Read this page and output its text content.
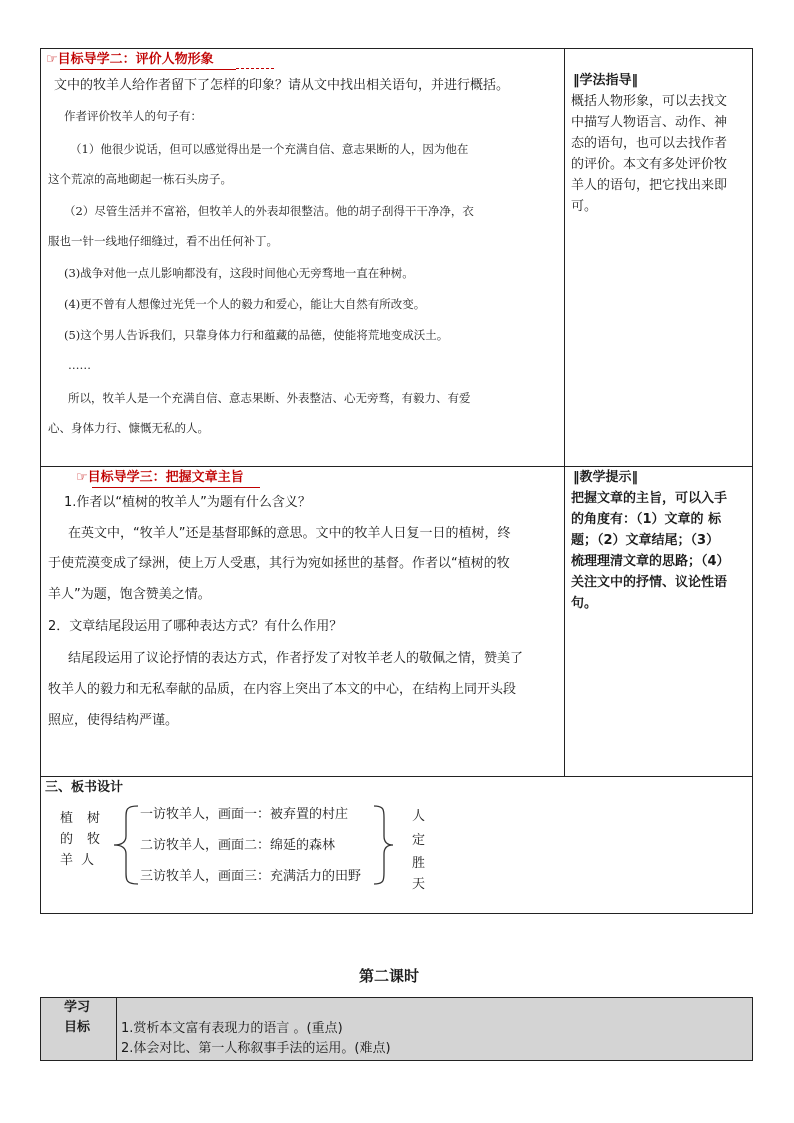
☞目标导学二：评价人物形象
文中的牧羊人给作者留下了怎样的印象？请从文中找出相关语句，并进行概括。
作者评价牧羊人的句子有：
（1）他很少说话，但可以感觉得出是一个充满自信、意志果断的人，因为他在
这个荒凉的高地砌起一栋石头房子。
（2）尽管生活并不富裕，但牧羊人的外表却很整洁。他的胡子刮得干干净净，衣
服也一针一线地仔细缝过，看不出任何补丁。
(3)战争对他一点儿影响都没有，这段时间他心无旁骛地一直在种树。
(4)更不曾有人想像过光凭一个人的毅力和爱心，能让大自然有所改变。
(5)这个男人告诉我们，只靠身体力行和蕴藏的品德，使能将荒地变成沃土。
……
所以，牧羊人是一个充满自信、意志果断、外表整洁、心无旁骛，有毅力、有爱
心、身体力行、慷慨无私的人。
‖学法指导‖
概括人物形象，可以去找文
中描写人物语言、动作、神
态的语句，也可以去找作者
的评价。本文有多处评价牧
羊人的语句，把它找出来即
可。
☞目标导学三：把握文章主旨
1.作者以“植树的牧羊人”为题有什么含义？
在英文中，“牧羊人”还是基督耶稣的意思。文中的牧羊人日复一日的植树，终
于使荒漠变成了绿洲，使上万人受惠，其行为宛如拯世的基督。作者以“植树的牧
羊人”为题，饱含赞美之情。
2．文章结尾段运用了哪种表达方式？有什么作用？
结尾段运用了议论抒情的表达方式，作者抒发了对牧羊老人的敬佩之情，赞美了
牧羊人的毅力和无私奉献的品质，在内容上突出了本文的中心，在结构上同开头段
照应，使得结构严谨。
‖教学提示‖
把握文章的主旨，可以入手
的角度有：（1）文章的 标
题；（2）文章结尾；（3）
梳理理清文章的思路；（4）
关注文中的抒情、议论性语
句。
三、板书设计
植 树
的 牧
羊 人
一访牧羊人，画面一：被弃置的村庄
二访牧羊人，画面二：绵延的森林
三访牧羊人，画面三：充满活力的田野
人
定
胜
天
第二课时
学习
目标 1.赏析本文富有表现力的语言 。(重点)
2.体会对比、第一人称叙事手法的运用。(难点)
